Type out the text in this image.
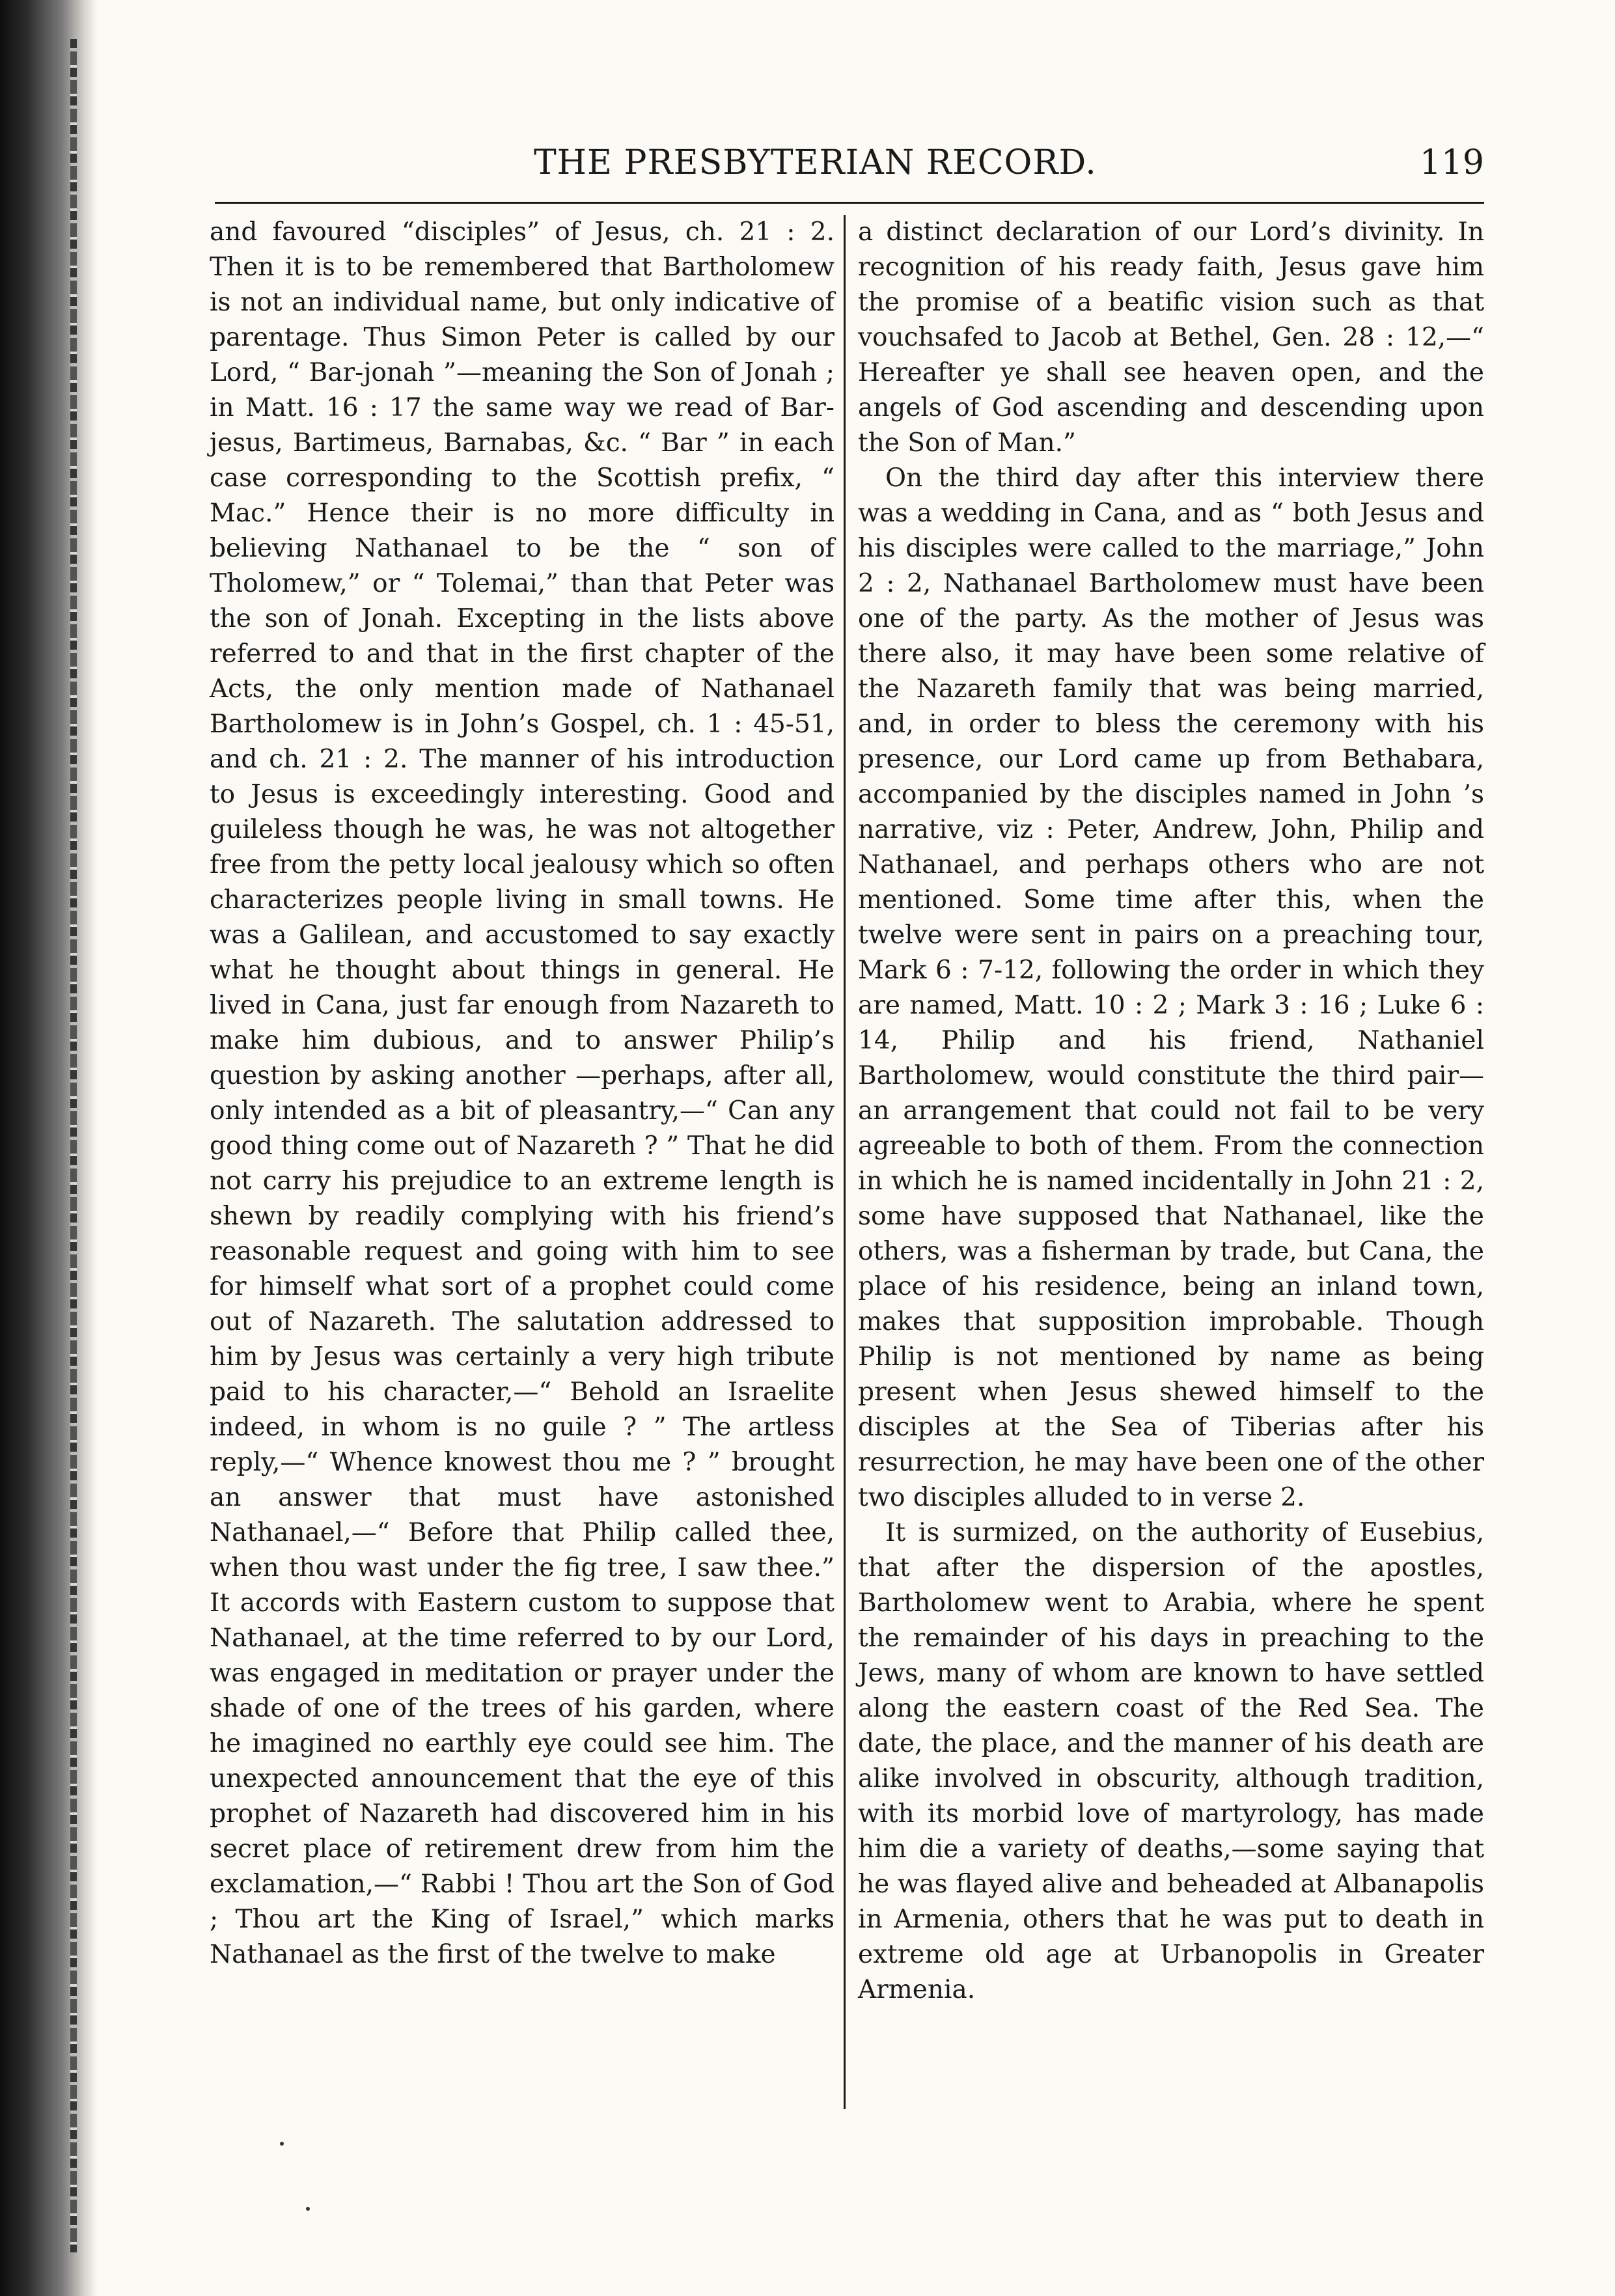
THE PRESBYTERIAN RECORD.	119

and favoured “disciples” of Jesus, ch. 21 : 2. Then it is to be remembered that Bartholomew is not an individual name, but only indicative of parentage. Thus Simon Peter is called by our Lord, “ Bar-jonah ”—meaning the Son of Jonah ; in Matt. 16 : 17 the same way we read of Bar-jesus, Bartimeus, Barnabas, &c. “ Bar ” in each case corresponding to the Scottish prefix, “ Mac.” Hence their is no more difficulty in believing Nathanael to be the “ son of Tholomew,” or “ Tolemai,” than that Peter was the son of Jonah. Excepting in the lists above referred to and that in the first chapter of the Acts, the only mention made of Nathanael Bartholomew is in John’s Gospel, ch. 1 : 45-51, and ch. 21 : 2. The manner of his introduction to Jesus is exceedingly interesting. Good and guileless though he was, he was not altogether free from the petty local jealousy which so often characterizes people living in small towns. He was a Galilean, and accustomed to say exactly what he thought about things in general. He lived in Cana, just far enough from Nazareth to make him dubious, and to answer Philip’s question by asking another —perhaps, after all, only intended as a bit of pleasantry,—“ Can any good thing come out of Nazareth ? ” That he did not carry his prejudice to an extreme length is shewn by readily complying with his friend’s reasonable request and going with him to see for himself what sort of a prophet could come out of Nazareth. The salutation addressed to him by Jesus was certainly a very high tribute paid to his character,—“ Behold an Israelite indeed, in whom is no guile ? ” The artless reply,—“ Whence knowest thou me ? ” brought an answer that must have astonished Nathanael,—“ Before that Philip called thee, when thou wast under the fig tree, I saw thee.” It accords with Eastern custom to suppose that Nathanael, at the time referred to by our Lord, was engaged in meditation or prayer under the shade of one of the trees of his garden, where he imagined no earthly eye could see him. The unexpected announcement that the eye of this prophet of Nazareth had discovered him in his secret place of retirement drew from him the exclamation,—“ Rabbi ! Thou art the Son of God ; Thou art the King of Israel,” which marks Nathanael as the first of the twelve to make

a distinct declaration of our Lord’s divinity. In recognition of his ready faith, Jesus gave him the promise of a beatific vision such as that vouchsafed to Jacob at Bethel, Gen. 28 : 12,—“ Hereafter ye shall see heaven open, and the angels of God ascending and descending upon the Son of Man.”

On the third day after this interview there was a wedding in Cana, and as “ both Jesus and his disciples were called to the marriage,” John 2 : 2, Nathanael Bartholomew must have been one of the party. As the mother of Jesus was there also, it may have been some relative of the Nazareth family that was being married, and, in order to bless the ceremony with his presence, our Lord came up from Bethabara, accompanied by the disciples named in John ’s narrative, viz : Peter, Andrew, John, Philip and Nathanael, and perhaps others who are not mentioned. Some time after this, when the twelve were sent in pairs on a preaching tour, Mark 6 : 7-12, following the order in which they are named, Matt. 10 : 2 ; Mark 3 : 16 ; Luke 6 : 14, Philip and his friend, Nathaniel Bartholomew, would constitute the third pair—an arrangement that could not fail to be very agreeable to both of them. From the connection in which he is named incidentally in John 21 : 2, some have supposed that Nathanael, like the others, was a fisherman by trade, but Cana, the place of his residence, being an inland town, makes that supposition improbable. Though Philip is not mentioned by name as being present when Jesus shewed himself to the disciples at the Sea of Tiberias after his resurrection, he may have been one of the other two disciples alluded to in verse 2.

It is surmized, on the authority of Eusebius, that after the dispersion of the apostles, Bartholomew went to Arabia, where he spent the remainder of his days in preaching to the Jews, many of whom are known to have settled along the eastern coast of the Red Sea. The date, the place, and the manner of his death are alike involved in obscurity, although tradition, with its morbid love of martyrology, has made him die a variety of deaths,—some saying that he was flayed alive and beheaded at Albanapolis in Armenia, others that he was put to death in extreme old age at Urbanopolis in Greater Armenia.
